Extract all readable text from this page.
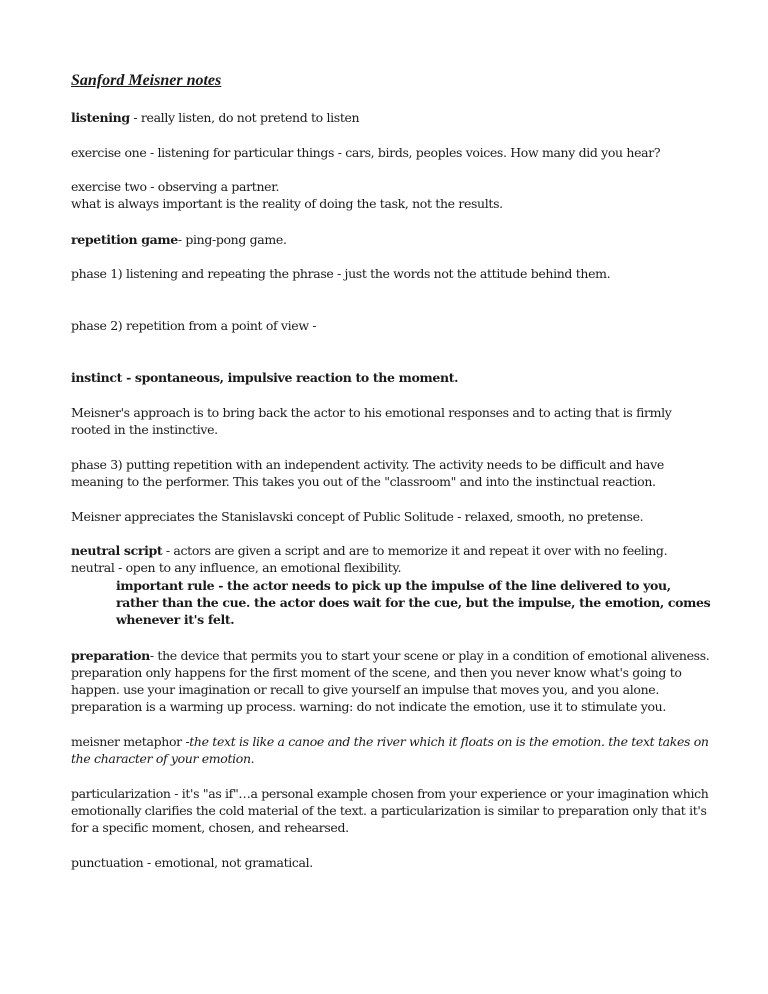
Sanford Meisner notes

listening - really listen, do not pretend to listen

exercise one - listening for particular things - cars, birds, peoples voices. How many did you hear?

exercise two - observing a partner.
what is always important is the reality of doing the task, not the results.

repetition game- ping-pong game.

phase 1) listening and repeating the phrase - just the words not the attitude behind them.

phase 2) repetition from a point of view -

instinct - spontaneous, impulsive reaction to the moment.

Meisner's approach is to bring back the actor to his emotional responses and to acting that is firmly rooted in the instinctive.

phase 3) putting repetition with an independent activity. The activity needs to be difficult and have meaning to the performer. This takes you out of the "classroom" and into the instinctual reaction.

Meisner appreciates the Stanislavski concept of Public Solitude - relaxed, smooth, no pretense.

neutral script - actors are given a script and are to memorize it and repeat it over with no feeling.
neutral - open to any influence, an emotional flexibility.

important rule - the actor needs to pick up the impulse of the line delivered to you, rather than the cue. the actor does wait for the cue, but the impulse, the emotion, comes whenever it's felt.

preparation- the device that permits you to start your scene or play in a condition of emotional aliveness. preparation only happens for the first moment of the scene, and then you never know what's going to happen. use your imagination or recall to give yourself an impulse that moves you, and you alone. preparation is a warming up process. warning: do not indicate the emotion, use it to stimulate you.

meisner metaphor -the text is like a canoe and the river which it floats on is the emotion. the text takes on the character of your emotion.

particularization - it's "as if"…a personal example chosen from your experience or your imagination which emotionally clarifies the cold material of the text. a particularization is similar to preparation only that it's for a specific moment, chosen, and rehearsed.

punctuation - emotional, not gramatical.
